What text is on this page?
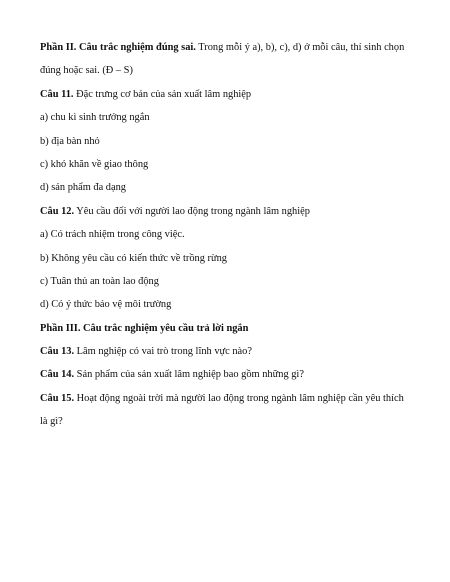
Phần II. Câu trắc nghiệm đúng sai. Trong mỗi ý a), b), c), d) ở mỗi câu, thí sinh chọn
đúng hoặc sai. (Đ – S)
Câu 11. Đặc trưng cơ bản của sản xuất lâm nghiệp
a) chu kì sinh trưởng ngắn
b) địa bàn nhỏ
c) khó khăn về giao thông
d) sản phẩm đa dạng
Câu 12. Yêu cầu đối với người lao động trong ngành lâm nghiệp
a) Có trách nhiệm trong công việc.
b) Không yêu cầu có kiến thức về trồng rừng
c) Tuân thủ an toàn lao động
d) Có ý thức bảo vệ môi trường
Phần III. Câu trắc nghiệm yêu cầu trả lời ngắn
Câu 13. Lâm nghiệp có vai trò trong lĩnh vực nào?
Câu 14. Sản phẩm của sản xuất lâm nghiệp bao gồm những gì?
Câu 15. Hoạt động ngoài trời mà người lao động trong ngành lâm nghiệp cần yêu thích
là gì?
